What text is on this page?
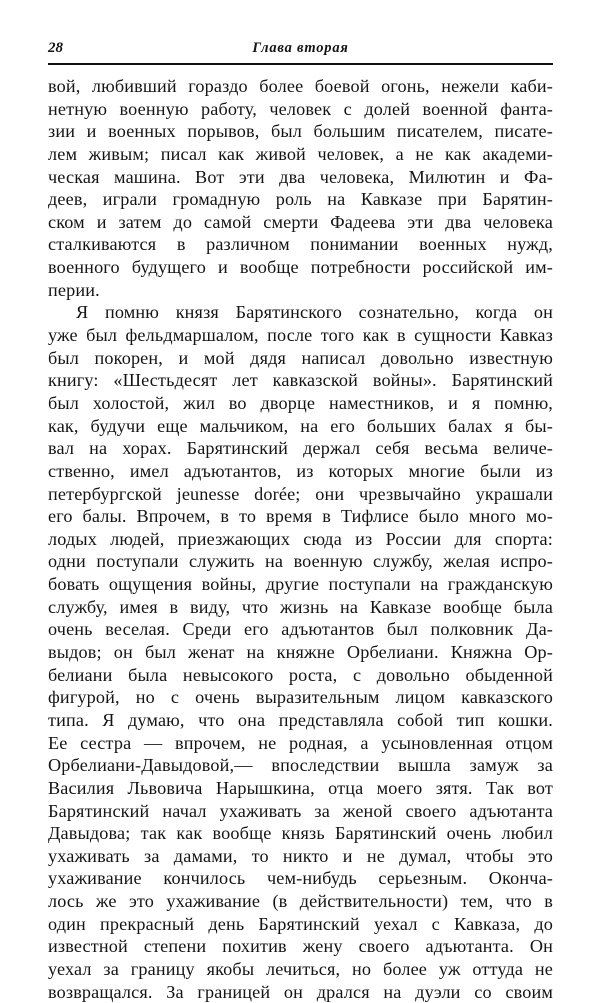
28	Глава вторая
вой, любивший гораздо более боевой огонь, нежели каби-
нетную военную работу, человек с долей военной фанта-
зии и военных порывов, был большим писателем, писате-
лем живым; писал как живой человек, а не как академи-
ческая машина. Вот эти два человека, Милютин и Фа-
деев, играли громадную роль на Кавказе при Барятин-
ском и затем до самой смерти Фадеева эти два человека
сталкиваются в различном понимании военных нужд,
военного будущего и вообще потребности российской им-
перии.
Я помню князя Барятинского сознательно, когда он
уже был фельдмаршалом, после того как в сущности Кавказ
был покорен, и мой дядя написал довольно известную
книгу: «Шестьдесят лет кавказской войны». Барятинский
был холостой, жил во дворце наместников, и я помню,
как, будучи еще мальчиком, на его больших балах я бы-
вал на хорах. Барятинский держал себя весьма величе-
ственно, имел адъютантов, из которых многие были из
петербургской jeunesse dorée; они чрезвычайно украшали
его балы. Впрочем, в то время в Тифлисе было много мо-
лодых людей, приезжающих сюда из России для спорта:
одни поступали служить на военную службу, желая испро-
бовать ощущения войны, другие поступали на гражданскую
службу, имея в виду, что жизнь на Кавказе вообще была
очень веселая. Среди его адъютантов был полковник Да-
выдов; он был женат на княжне Орбелиани. Княжна Ор-
белиани была невысокого роста, с довольно обыденной
фигурой, но с очень выразительным лицом кавказского
типа. Я думаю, что она представляла собой тип кошки.
Ее сестра — впрочем, не родная, а усыновленная отцом
Орбелиани-Давыдовой,— впоследствии вышла замуж за
Василия Львовича Нарышкина, отца моего зятя. Так вот
Барятинский начал ухаживать за женой своего адъютанта
Давыдова; так как вообще князь Барятинский очень любил
ухаживать за дамами, то никто и не думал, чтобы это
ухаживание кончилось чем-нибудь серьезным. Оконча-
лось же это ухаживание (в действительности) тем, что в
один прекрасный день Барятинский уехал с Кавказа, до
известной степени похитив жену своего адъютанта. Он
уехал за границу якобы лечиться, но более уж оттуда не
возвращался. За границей он дрался на дуэли со своим
